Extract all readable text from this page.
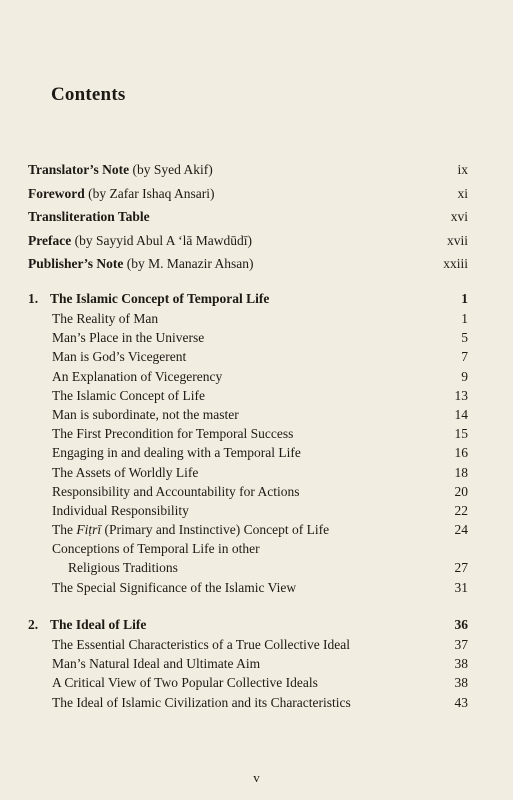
Contents
Translator’s Note (by Syed Akif)	ix
Foreword (by Zafar Ishaq Ansari)	xi
Transliteration Table	xvi
Preface (by Sayyid Abul A ‘lā Mawdūdī)	xvii
Publisher’s Note (by M. Manazir Ahsan)	xxiii
1. The Islamic Concept of Temporal Life	1
The Reality of Man	1
Man’s Place in the Universe	5
Man is God’s Vicegerent	7
An Explanation of Vicegerency	9
The Islamic Concept of Life	13
Man is subordinate, not the master	14
The First Precondition for Temporal Success	15
Engaging in and dealing with a Temporal Life	16
The Assets of Worldly Life	18
Responsibility and Accountability for Actions	20
Individual Responsibility	22
The Fiṭrī (Primary and Instinctive) Concept of Life	24
Conceptions of Temporal Life in other
Religious Traditions	27
The Special Significance of the Islamic View	31
2. The Ideal of Life	36
The Essential Characteristics of a True Collective Ideal	37
Man’s Natural Ideal and Ultimate Aim	38
A Critical View of Two Popular Collective Ideals	38
The Ideal of Islamic Civilization and its Characteristics	43
v
